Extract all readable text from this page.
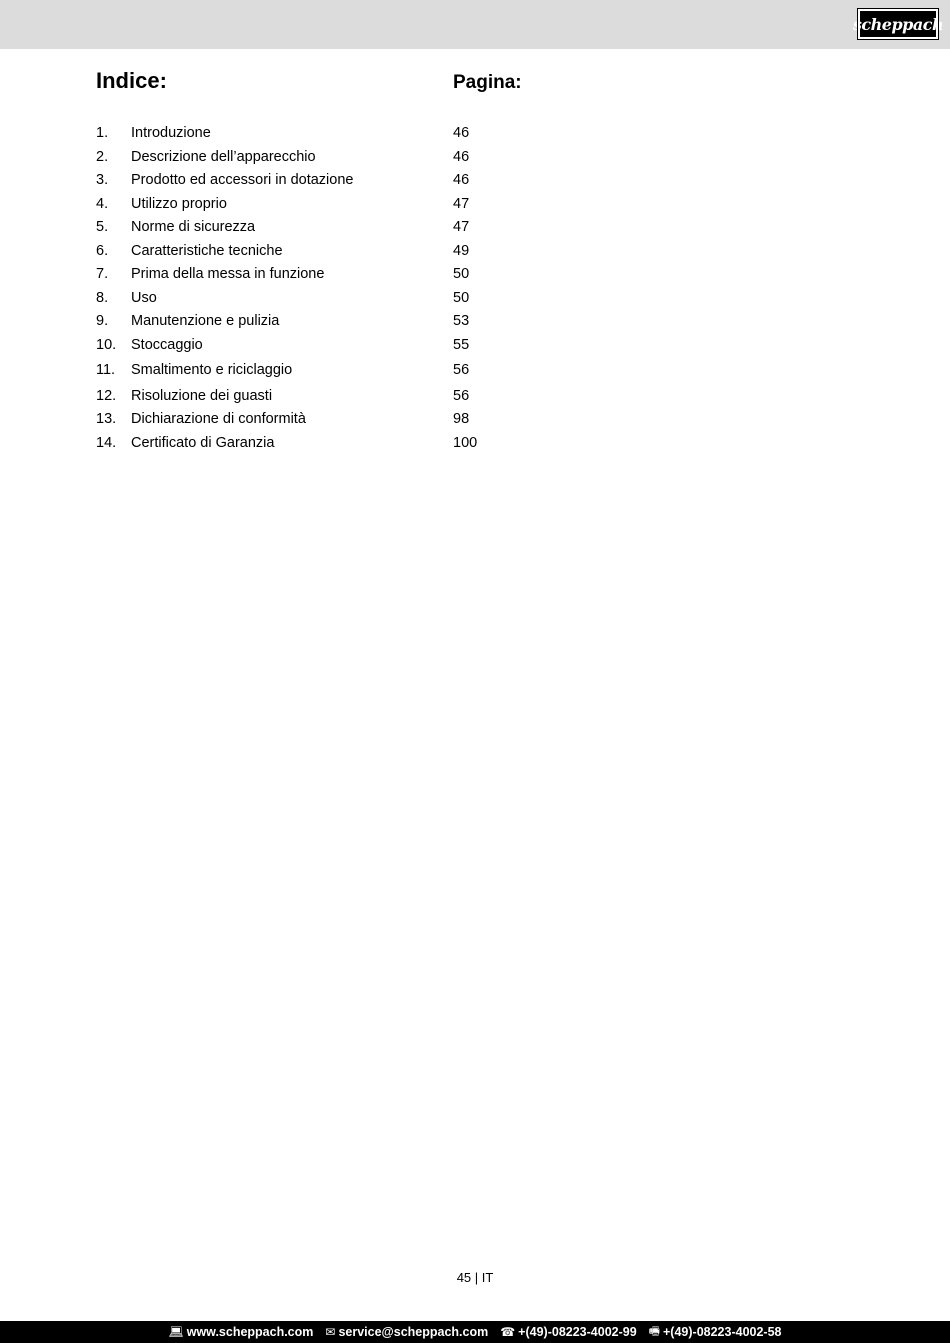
scheppach
Indice:	Pagina:
1. Introduzione	46
2. Descrizione dell’apparecchio	46
3. Prodotto ed accessori in dotazione	46
4. Utilizzo proprio	47
5. Norme di sicurezza	47
6. Caratteristiche tecniche	49
7. Prima della messa in funzione	50
8. Uso	50
9. Manutenzione e pulizia	53
10. Stoccaggio	55
11. Smaltimento e riciclaggio	56
12. Risoluzione dei guasti	56
13. Dichiarazione di conformità	98
14. Certificato di Garanzia	100
45 | IT
💻︎ www.scheppach.com ✉︎ service@scheppach.com ☎︎ +(49)-08223-4002-99 🖷︎ +(49)-08223-4002-58
